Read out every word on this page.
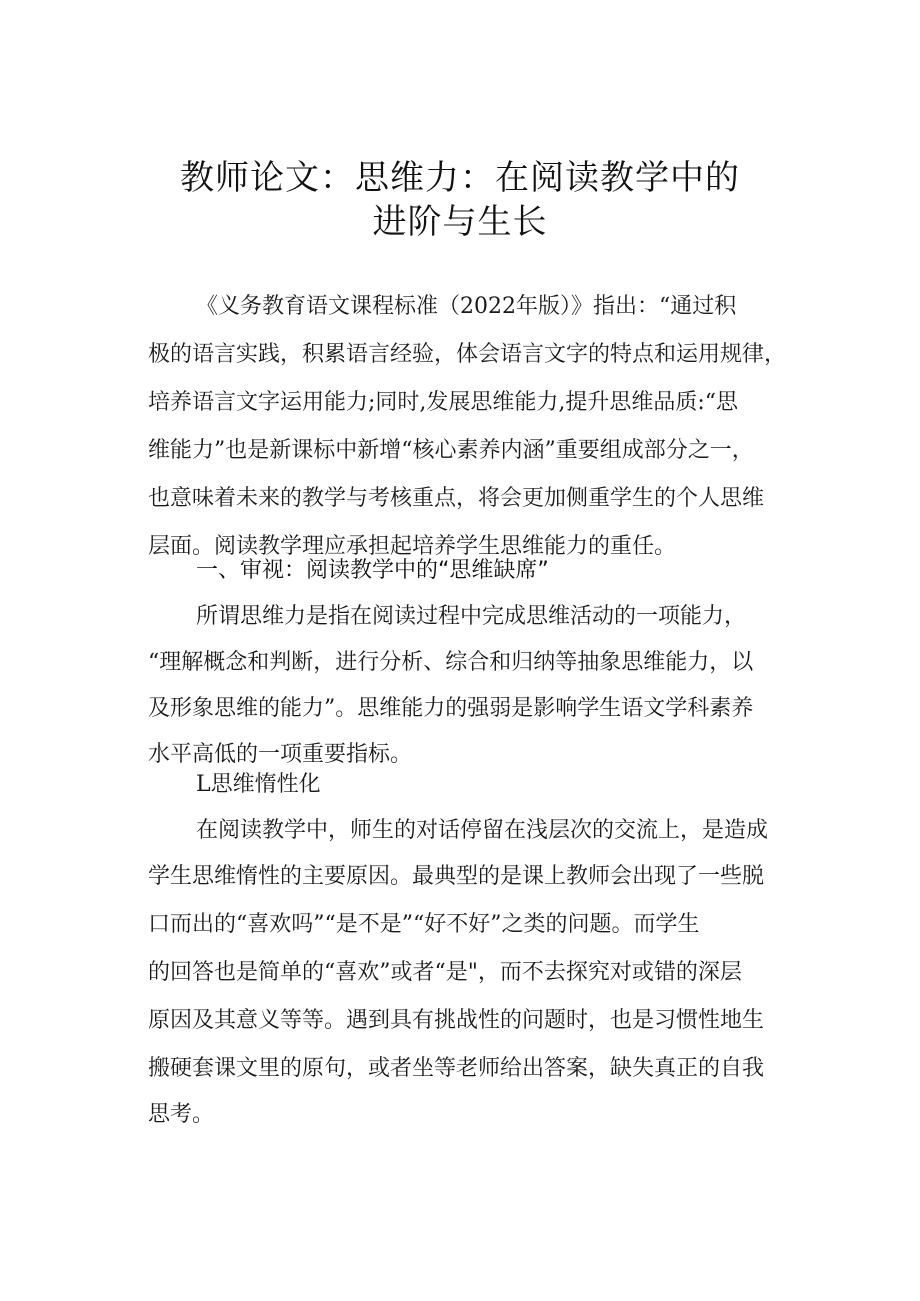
教师论文：思维力：在阅读教学中的
进阶与生长
《义务教育语文课程标准（2022年版）》指出：“通过积
极的语言实践，积累语言经验，体会语言文字的特点和运用规律，
培养语言文字运用能力;同时,发展思维能力,提升思维品质:“思
维能力”也是新课标中新增“核心素养内涵”重要组成部分之一，
也意味着未来的教学与考核重点，将会更加侧重学生的个人思维
层面。阅读教学理应承担起培养学生思维能力的重任。
一、审视：阅读教学中的“思维缺席”
所谓思维力是指在阅读过程中完成思维活动的一项能力，
“理解概念和判断，进行分析、综合和归纳等抽象思维能力，以
及形象思维的能力”。思维能力的强弱是影响学生语文学科素养
水平高低的一项重要指标。
L思维惰性化
在阅读教学中，师生的对话停留在浅层次的交流上，是造成
学生思维惰性的主要原因。最典型的是课上教师会出现了一些脱
口而出的“喜欢吗”“是不是”“好不好”之类的问题。而学生
的回答也是简单的“喜欢”或者“是"，而不去探究对或错的深层
原因及其意义等等。遇到具有挑战性的问题时，也是习惯性地生
搬硬套课文里的原句，或者坐等老师给出答案，缺失真正的自我
思考。
